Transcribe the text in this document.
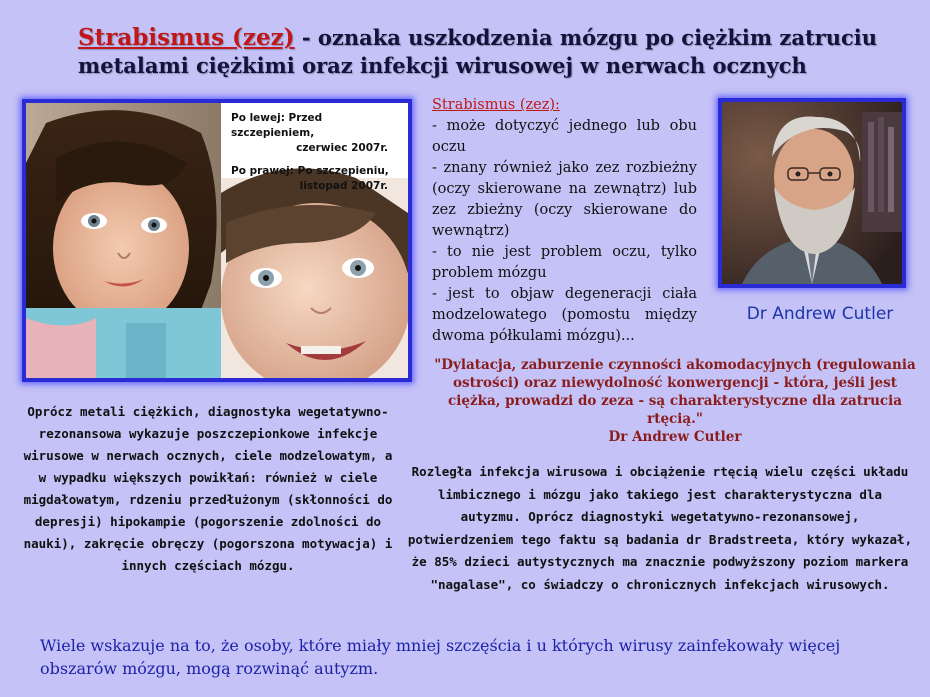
Strabismus (zez) - oznaka uszkodzenia mózgu po ciężkim zatruciu metalami ciężkimi oraz infekcji wirusowej w nerwach ocznych
Po lewej: Przed szczepieniem,
czerwiec 2007r.
Po prawej: Po szczepieniu,
listopad 2007r.
Strabismus (zez):
- może dotyczyć jednego lub obu oczu
- znany również jako zez rozbieżny (oczy skierowane na zewnątrz) lub zez zbieżny (oczy skierowane do wewnątrz)
- to nie jest problem oczu, tylko problem mózgu
- jest to objaw degeneracji ciała modzelowatego (pomostu między dwoma półkulami mózgu)...
Dr Andrew Cutler
"Dylatacja, zaburzenie czynności akomodacyjnych (regulowania ostrości) oraz niewydolność konwergencji - która, jeśli jest ciężka, prowadzi do zeza - są charakterystyczne dla zatrucia rtęcią."
Dr Andrew Cutler
Oprócz metali ciężkich, diagnostyka wegetatywno-rezonansowa wykazuje poszczepionkowe infekcje wirusowe w nerwach ocznych, ciele modzelowatym, a w wypadku większych powikłań: również w ciele migdałowatym, rdzeniu przedłużonym (skłonności do depresji) hipokampie (pogorszenie zdolności do nauki), zakręcie obręczy (pogorszona motywacja) i innych częściach mózgu.
Rozległa infekcja wirusowa i obciążenie rtęcią wielu części układu limbicznego i mózgu jako takiego jest charakterystyczna dla autyzmu. Oprócz diagnostyki wegetatywno-rezonansowej, potwierdzeniem tego faktu są badania dr Bradstreeta, który wykazał, że 85% dzieci autystycznych ma znacznie podwyższony poziom markera "nagalase", co świadczy o chronicznych infekcjach wirusowych.
Wiele wskazuje na to, że osoby, które miały mniej szczęścia i u których wirusy zainfekowały więcej obszarów mózgu, mogą rozwinąć autyzm.
